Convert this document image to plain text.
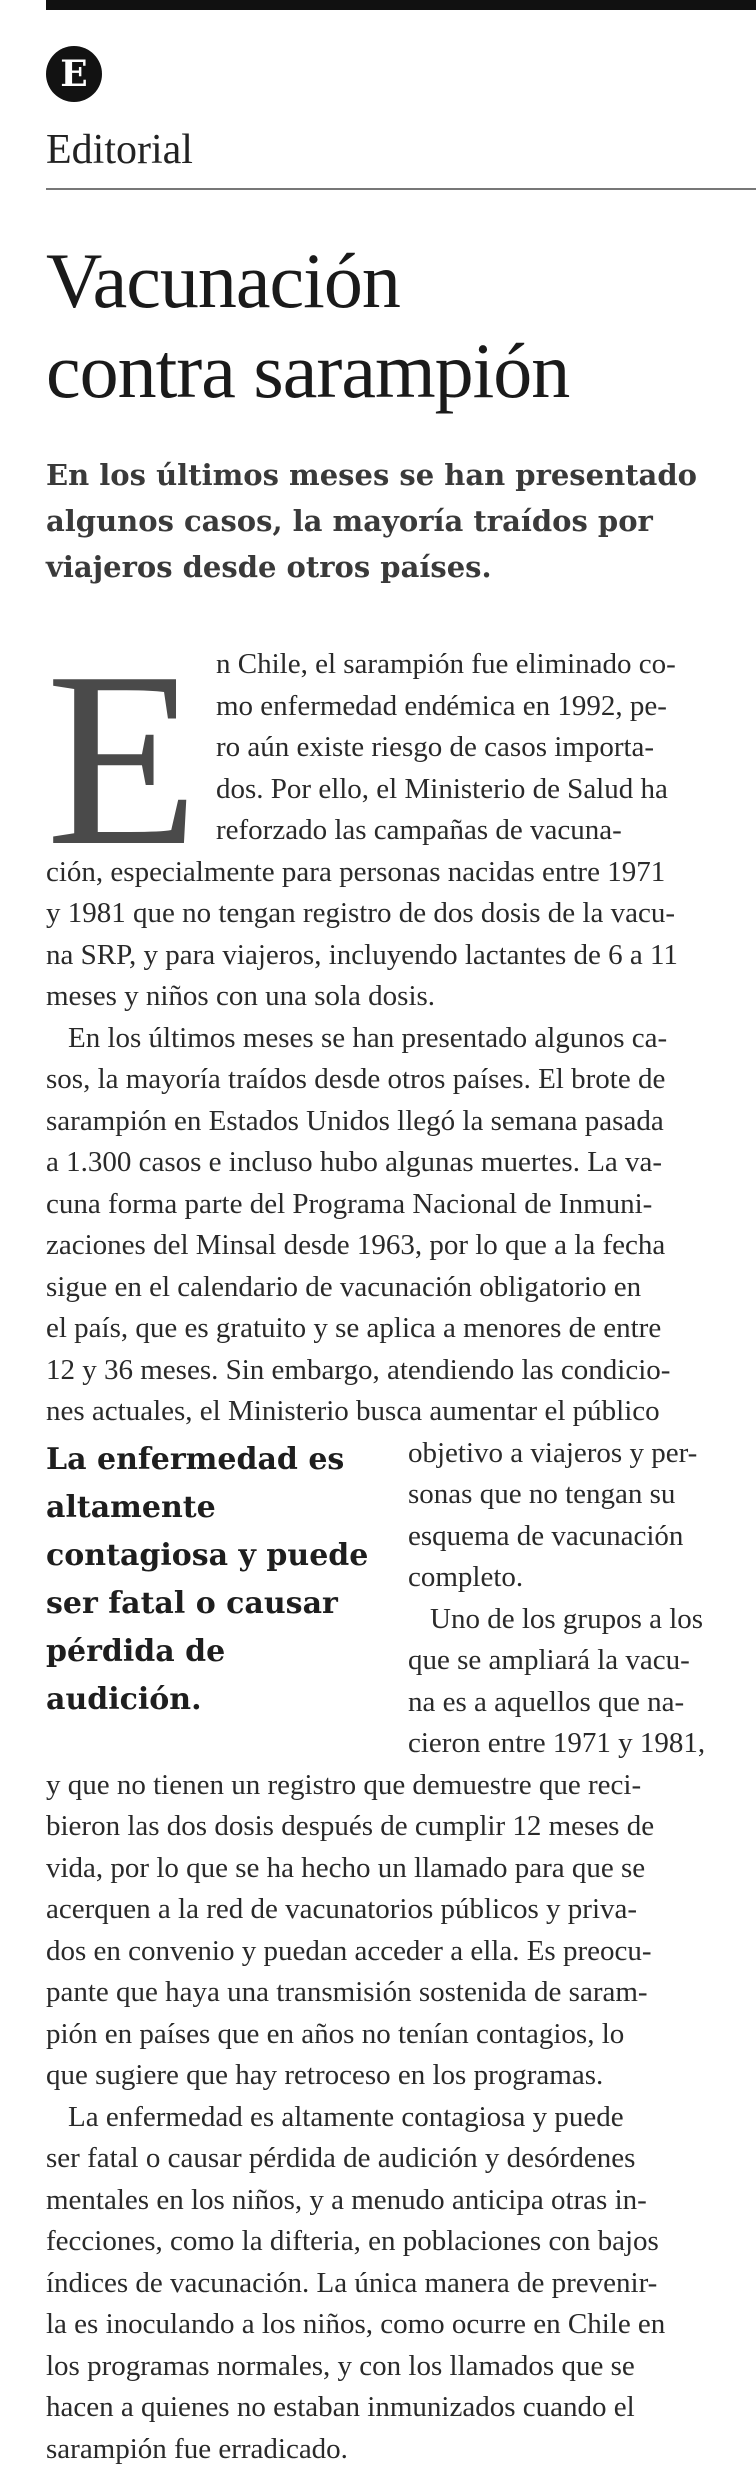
E
Editorial
Vacunación
contra sarampión
En los últimos meses se han presentado
algunos casos, la mayoría traídos por
viajeros desde otros países.
E n Chile, el sarampión fue eliminado co-
mo enfermedad endémica en 1992, pe-
ro aún existe riesgo de casos importa-
dos. Por ello, el Ministerio de Salud ha
reforzado las campañas de vacuna-
ción, especialmente para personas nacidas entre 1971
y 1981 que no tengan registro de dos dosis de la vacu-
na SRP, y para viajeros, incluyendo lactantes de 6 a 11
meses y niños con una sola dosis.
En los últimos meses se han presentado algunos ca-
sos, la mayoría traídos desde otros países. El brote de
sarampión en Estados Unidos llegó la semana pasada
a 1.300 casos e incluso hubo algunas muertes. La va-
cuna forma parte del Programa Nacional de Inmuni-
zaciones del Minsal desde 1963, por lo que a la fecha
sigue en el calendario de vacunación obligatorio en
el país, que es gratuito y se aplica a menores de entre
12 y 36 meses. Sin embargo, atendiendo las condicio-
nes actuales, el Ministerio busca aumentar el público
objetivo a viajeros y per-
sonas que no tengan su
esquema de vacunación
completo.
Uno de los grupos a los
que se ampliará la vacu-
na es a aquellos que na-
cieron entre 1971 y 1981,
y que no tienen un registro que demuestre que reci-
bieron las dos dosis después de cumplir 12 meses de
vida, por lo que se ha hecho un llamado para que se
acerquen a la red de vacunatorios públicos y priva-
dos en convenio y puedan acceder a ella. Es preocu-
pante que haya una transmisión sostenida de saram-
pión en países que en años no tenían contagios, lo
que sugiere que hay retroceso en los programas.
La enfermedad es altamente contagiosa y puede
ser fatal o causar pérdida de audición y desórdenes
mentales en los niños, y a menudo anticipa otras in-
fecciones, como la difteria, en poblaciones con bajos
índices de vacunación. La única manera de prevenir-
la es inoculando a los niños, como ocurre en Chile en
los programas normales, y con los llamados que se
hacen a quienes no estaban inmunizados cuando el
sarampión fue erradicado.
La enfermedad es
altamente
contagiosa y puede
ser fatal o causar
pérdida de audición.
